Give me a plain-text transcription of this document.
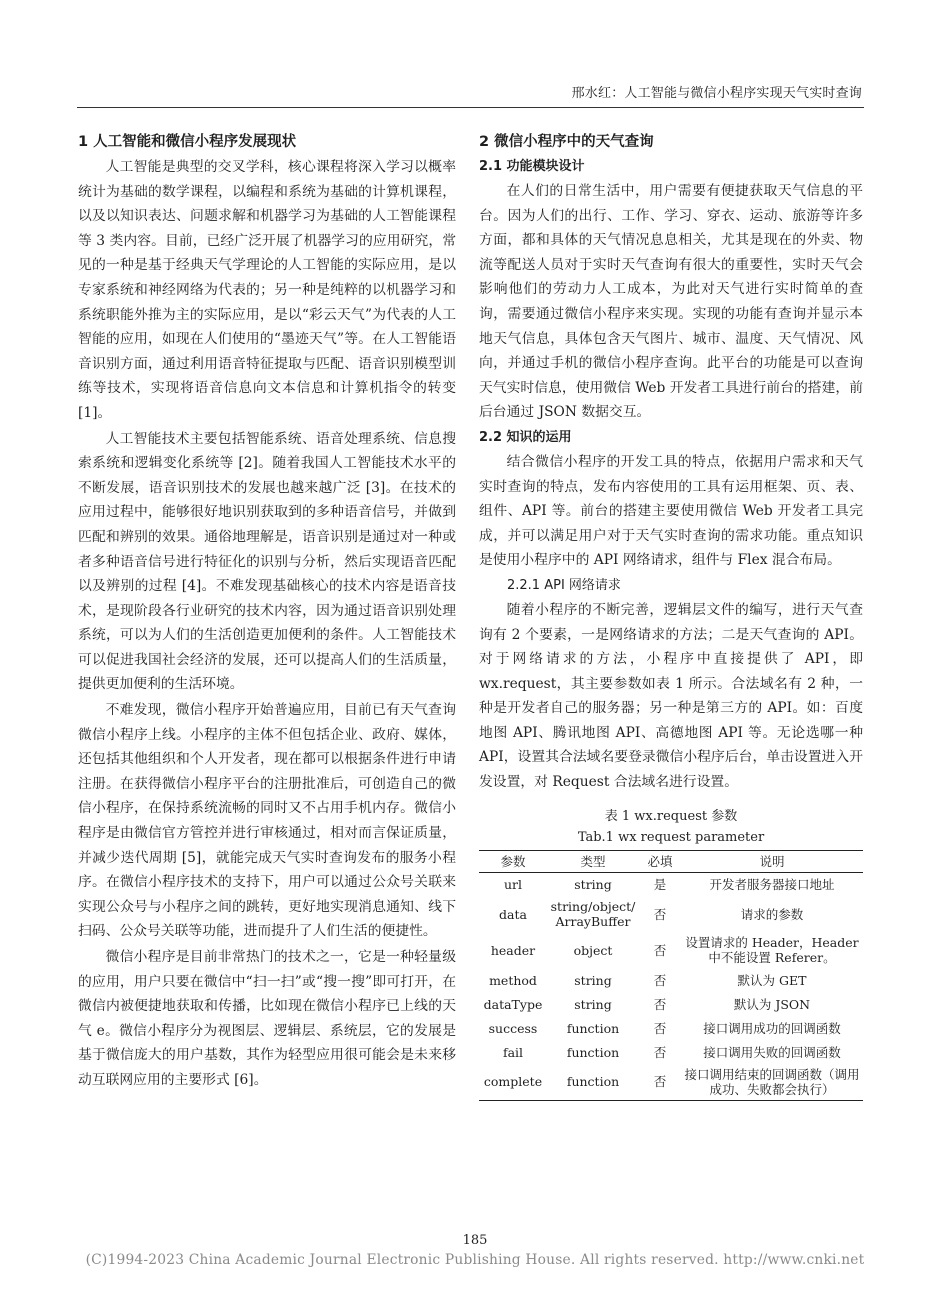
邢水红：人工智能与微信小程序实现天气实时查询
1 人工智能和微信小程序发展现状

人工智能是典型的交叉学科，核心课程将深入学习以概率统计为基础的数学课程，以编程和系统为基础的计算机课程，以及以知识表达、问题求解和机器学习为基础的人工智能课程等 3 类内容。目前，已经广泛开展了机器学习的应用研究，常见的一种是基于经典天气学理论的人工智能的实际应用，是以专家系统和神经网络为代表的；另一种是纯粹的以机器学习和系统职能外推为主的实际应用，是以“彩云天气”为代表的人工智能的应用，如现在人们使用的“墨迹天气”等。在人工智能语音识别方面，通过利用语音特征提取与匹配、语音识别模型训练等技术，实现将语音信息向文本信息和计算机指令的转变 [1]。

人工智能技术主要包括智能系统、语音处理系统、信息搜索系统和逻辑变化系统等 [2]。随着我国人工智能技术水平的不断发展，语音识别技术的发展也越来越广泛 [3]。在技术的应用过程中，能够很好地识别获取到的多种语音信号，并做到匹配和辨别的效果。通俗地理解是，语音识别是通过对一种或者多种语音信号进行特征化的识别与分析，然后实现语音匹配以及辨别的过程 [4]。不难发现基础核心的技术内容是语音技术，是现阶段各行业研究的技术内容，因为通过语音识别处理系统，可以为人们的生活创造更加便利的条件。人工智能技术可以促进我国社会经济的发展，还可以提高人们的生活质量，提供更加便利的生活环境。

不难发现，微信小程序开始普遍应用，目前已有天气查询微信小程序上线。小程序的主体不但包括企业、政府、媒体，还包括其他组织和个人开发者，现在都可以根据条件进行申请注册。在获得微信小程序平台的注册批准后，可创造自己的微信小程序，在保持系统流畅的同时又不占用手机内存。微信小程序是由微信官方管控并进行审核通过，相对而言保证质量，并减少迭代周期 [5]，就能完成天气实时查询发布的服务小程序。在微信小程序技术的支持下，用户可以通过公众号关联来实现公众号与小程序之间的跳转，更好地实现消息通知、线下扫码、公众号关联等功能，进而提升了人们生活的便捷性。

微信小程序是目前非常热门的技术之一，它是一种轻量级的应用，用户只要在微信中“扫一扫”或“搜一搜”即可打开，在微信内被便捷地获取和传播，比如现在微信小程序已上线的天气 e。微信小程序分为视图层、逻辑层、系统层，它的发展是基于微信庞大的用户基数，其作为轻型应用很可能会是未来移动互联网应用的主要形式 [6]。

2 微信小程序中的天气查询
2.1 功能模块设计

在人们的日常生活中，用户需要有便捷获取天气信息的平台。因为人们的出行、工作、学习、穿衣、运动、旅游等许多方面，都和具体的天气情况息息相关，尤其是现在的外卖、物流等配送人员对于实时天气查询有很大的重要性，实时天气会影响他们的劳动力人工成本，为此对天气进行实时简单的查询，需要通过微信小程序来实现。实现的功能有查询并显示本地天气信息，具体包含天气图片、城市、温度、天气情况、风向，并通过手机的微信小程序查询。此平台的功能是可以查询天气实时信息，使用微信 Web 开发者工具进行前台的搭建，前后台通过 JSON 数据交互。

2.2 知识的运用

结合微信小程序的开发工具的特点，依据用户需求和天气实时查询的特点，发布内容使用的工具有运用框架、页、表、组件、API 等。前台的搭建主要使用微信 Web 开发者工具完成，并可以满足用户对于天气实时查询的需求功能。重点知识是使用小程序中的 API 网络请求，组件与 Flex 混合布局。

2.2.1 API 网络请求

随着小程序的不断完善，逻辑层文件的编写，进行天气查询有 2 个要素，一是网络请求的方法；二是天气查询的 API。对于网络请求的方法，小程序中直接提供了 API，即 wx.request，其主要参数如表 1 所示。合法域名有 2 种，一种是开发者自己的服务器；另一种是第三方的 API。如：百度地图 API、腾讯地图 API、高德地图 API 等。无论选哪一种 API，设置其合法域名要登录微信小程序后台，单击设置进入开发设置，对 Request 合法域名进行设置。

表 1 wx.request 参数
Tab.1 wx request parameter
参数	类型	必填	说明
url	string	是	开发者服务器接口地址
data	string/object/ ArrayBuffer	否	请求的参数
header	object	否	设置请求的 Header，Header 中不能设置 Referer。
method	string	否	默认为 GET
dataType	string	否	默认为 JSON
success	function	否	接口调用成功的回调函数
fail	function	否	接口调用失败的回调函数
complete	function	否	接口调用结束的回调函数（调用成功、失败都会执行）
185
(C)1994-2023 China Academic Journal Electronic Publishing House. All rights reserved. http://www.cnki.net
